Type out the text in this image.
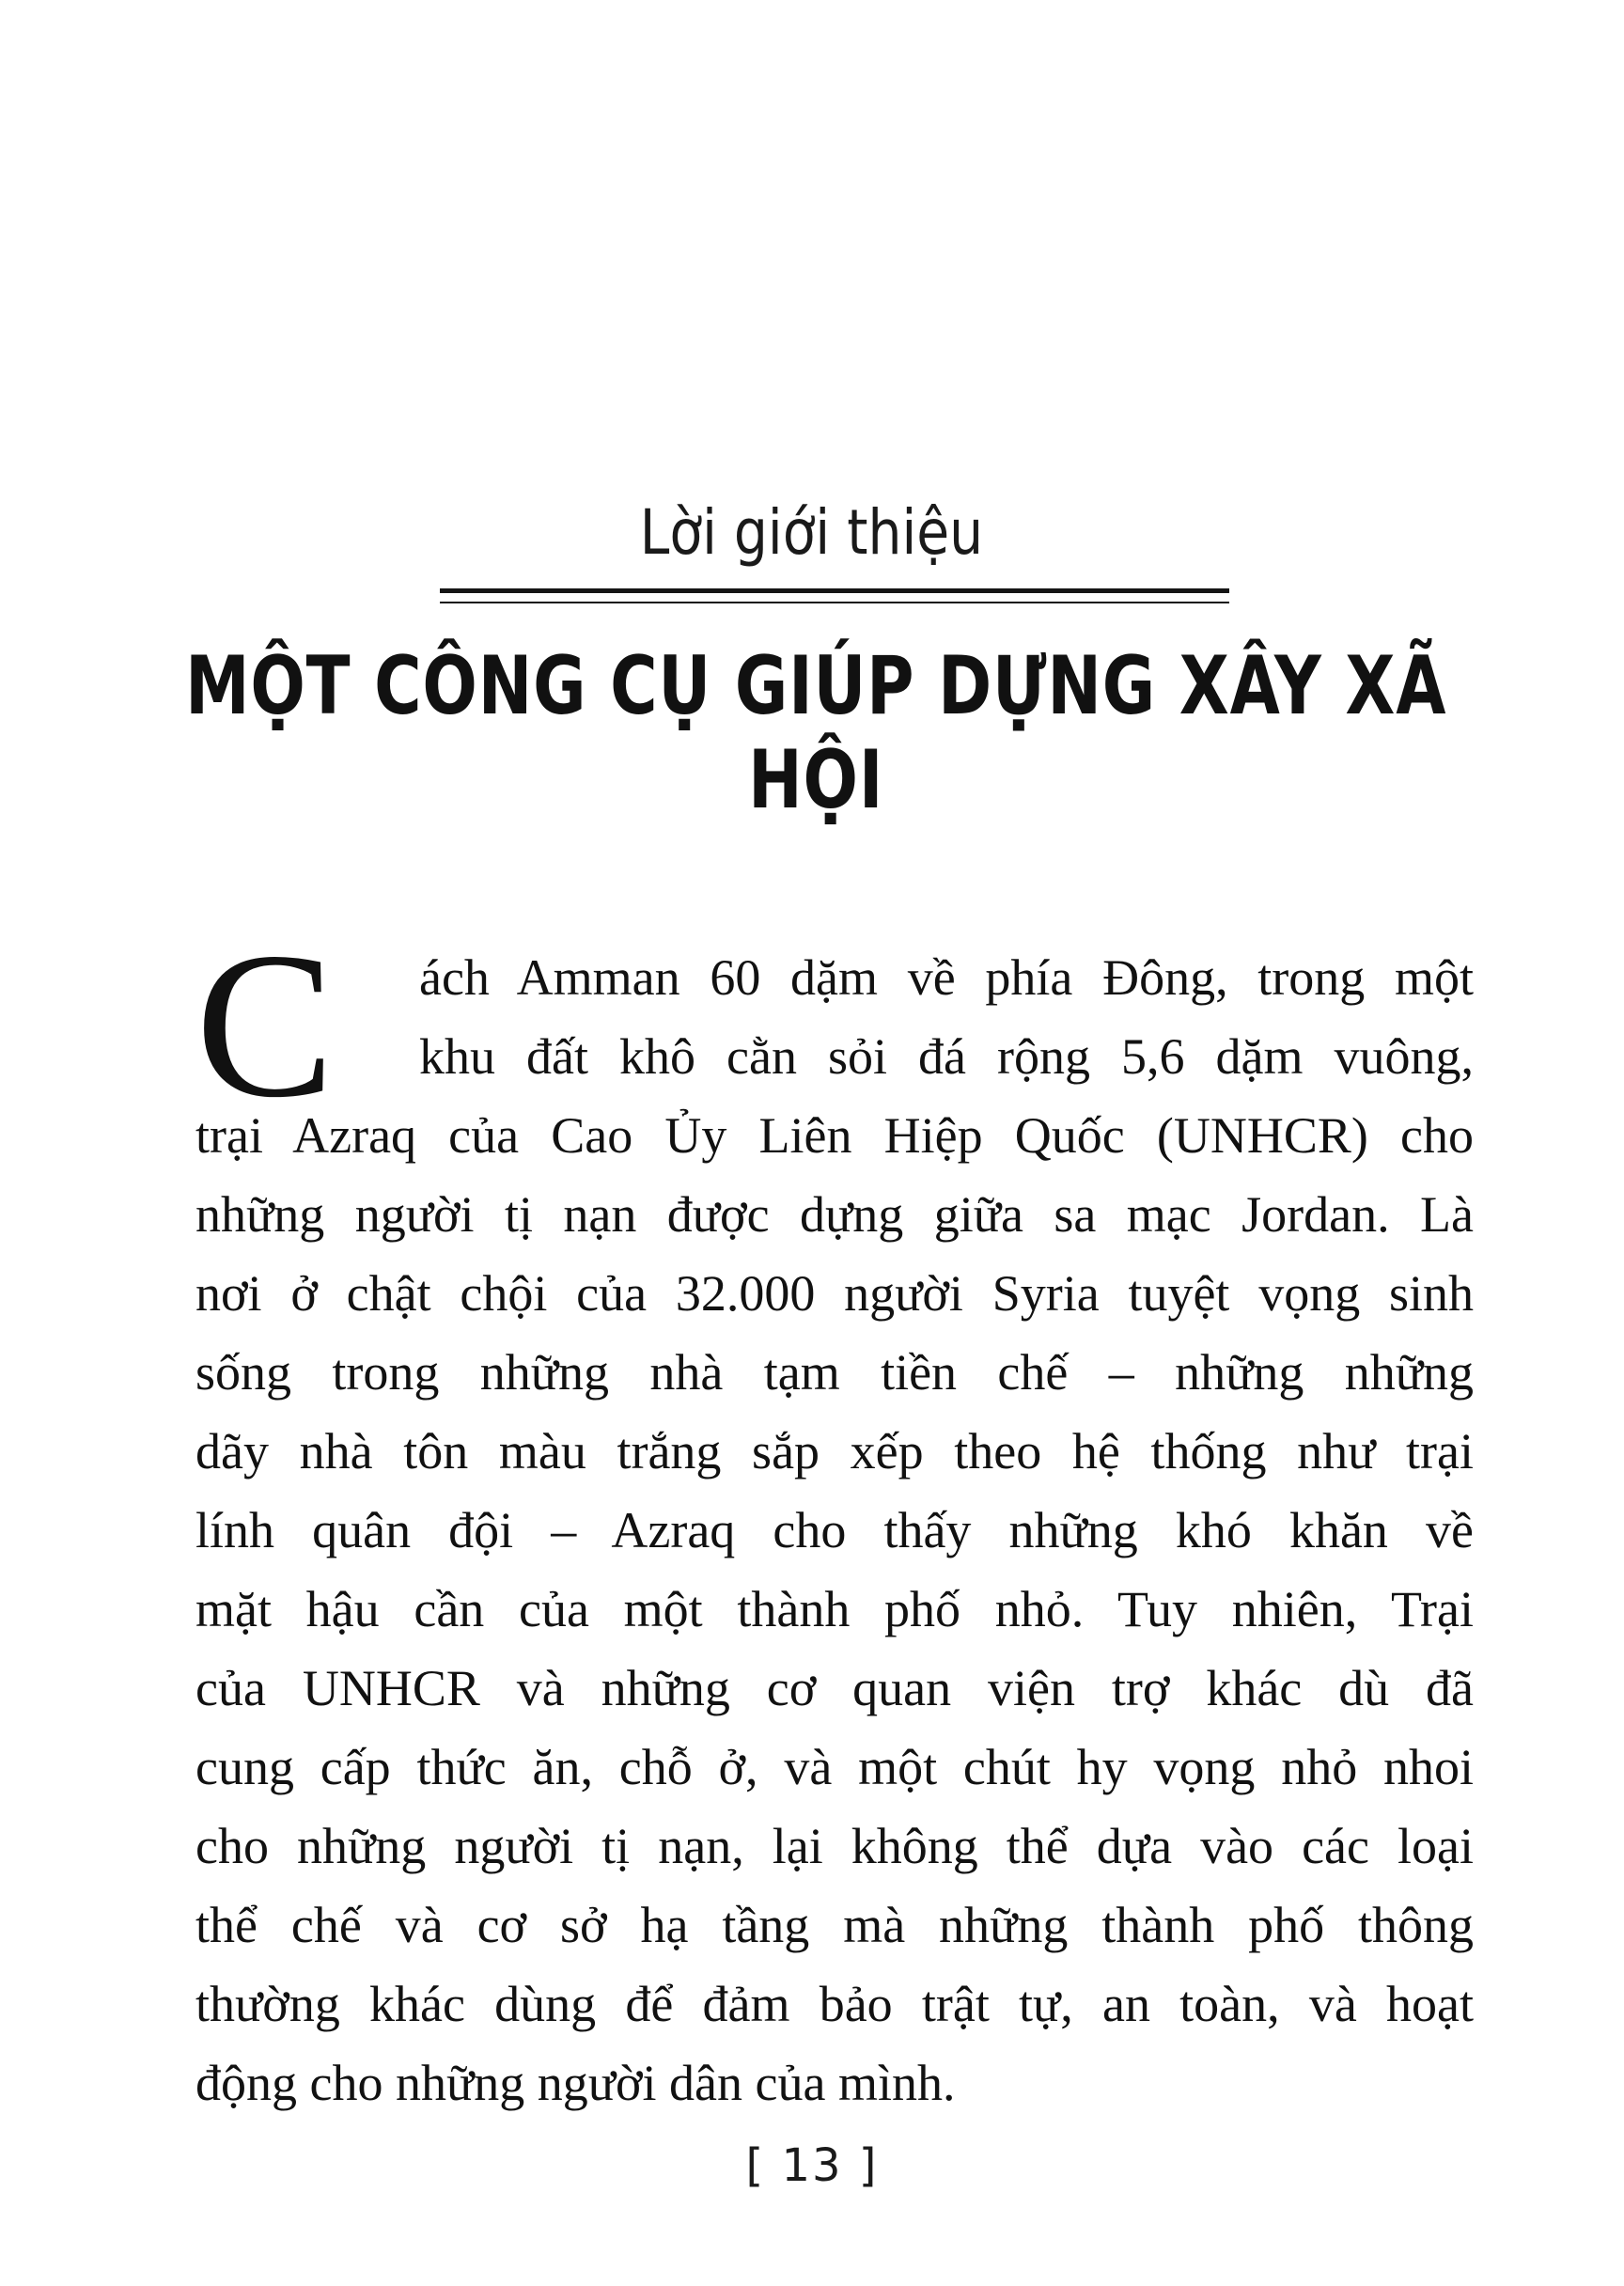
Lời giới thiệu
MỘT CÔNG CỤ GIÚP DỰNG XÂY XÃ HỘI
C	ách Amman 60 dặm về phía Đông, trong một
khu đất khô cằn sỏi đá rộng 5,6 dặm vuông,
trại Azraq của Cao Ủy Liên Hiệp Quốc (UNHCR) cho
những người tị nạn được dựng giữa sa mạc Jordan. Là
nơi ở chật chội của 32.000 người Syria tuyệt vọng sinh
sống trong những nhà tạm tiền chế – những những
dãy nhà tôn màu trắng sắp xếp theo hệ thống như trại
lính quân đội – Azraq cho thấy những khó khăn về
mặt hậu cần của một thành phố nhỏ. Tuy nhiên, Trại
của UNHCR và những cơ quan viện trợ khác dù đã
cung cấp thức ăn, chỗ ở, và một chút hy vọng nhỏ nhoi
cho những người tị nạn, lại không thể dựa vào các loại
thể chế và cơ sở hạ tầng mà những thành phố thông
thường khác dùng để đảm bảo trật tự, an toàn, và hoạt
động cho những người dân của mình.
[ 13 ]
